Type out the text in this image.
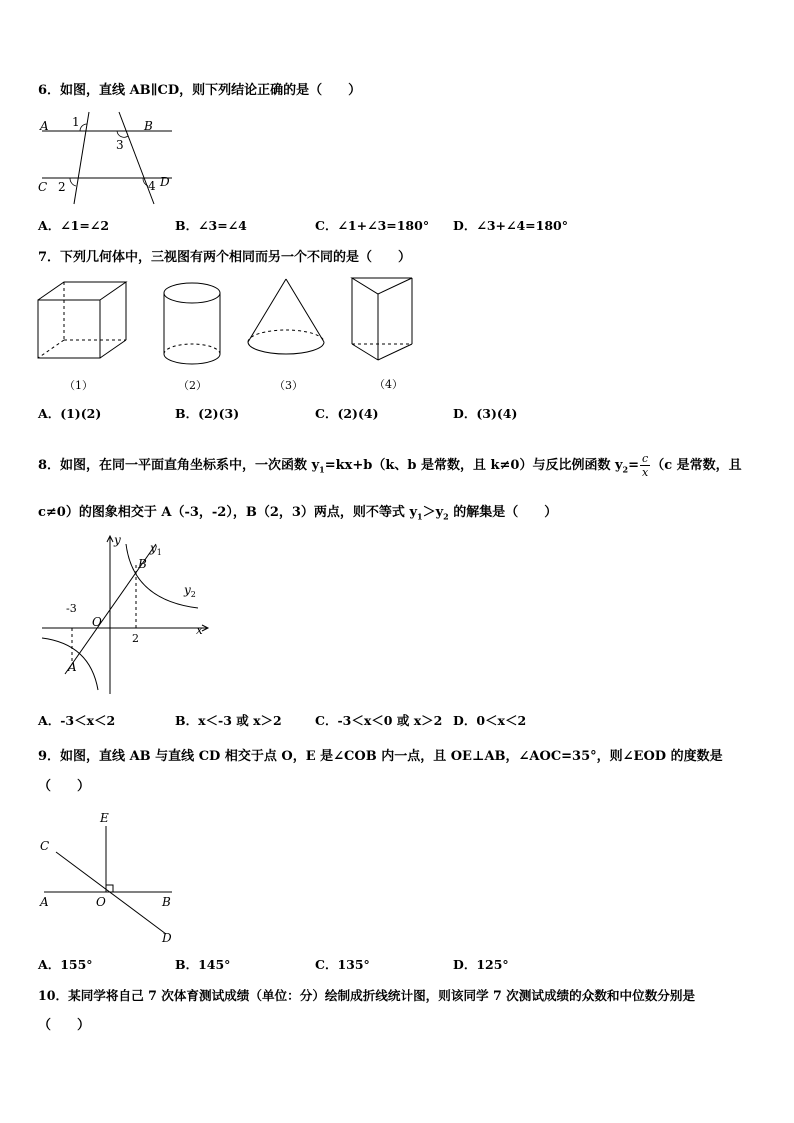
6．如图，直线 AB∥CD，则下列结论正确的是（　　）
A	B
C	D
1
3
2	4
A．∠1=∠2	B．∠3=∠4	C．∠1+∠3=180° D．∠3+∠4=180°
7．下列几何体中，三视图有两个相同而另一个不同的是（　　）
（1）	（2）	（3）	（4）
A．(1)(2)	B．(2)(3)	C．(2)(4)	D．(3)(4)
8．如图，在同一平面直角坐标系中，一次函数 $y_1=kx+b(k$、b 是常数，且 k≠0）与反比例函数 $y_2= \frac{c}{x} (c$ 是常数，且
c≠0）的图象相交于 A（-3，-2），B（2，3）两点，则不等式 $y_1>y_2$ 的解集是（　　）
y
x
$y_1$
$y_2$
B
A
O
-3
2
A．-3＜x＜2	B．x＜-3 或 x＞2	C．-3＜x＜0 或 x＞2 D．0＜x＜2
9．如图，直线 AB 与直线 CD 相交于点 O，E 是∠COB 内一点，且 OE⊥AB，∠AOC=35°，则∠EOD 的度数是
（　　）
E
C
A	O	B
D
A．155°	B．145°	C．135°	D．125°
10．某同学将自己 7 次体育测试成绩（单位：分）绘制成折线统计图，则该同学 7 次测试成绩的众数和中位数分别是
（　　）
